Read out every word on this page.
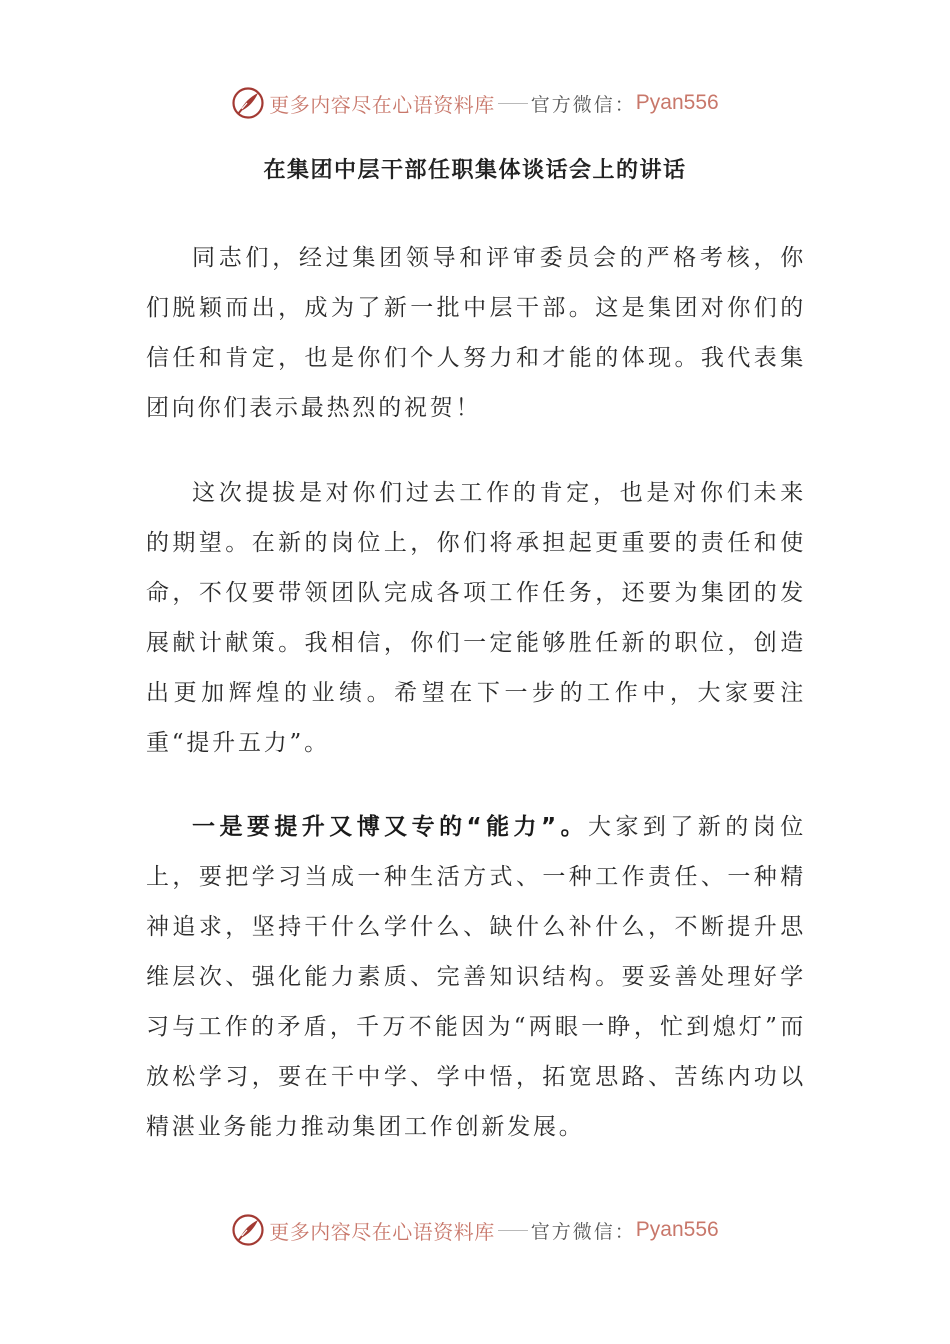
更多内容尽在心语资料库 官方微信： Pyan556
在集团中层干部任职集体谈话会上的讲话

同志们，经过集团领导和评审委员会的严格考核，你们脱颖而出，成为了新一批中层干部。这是集团对你们的信任和肯定，也是你们个人努力和才能的体现。我代表集团向你们表示最热烈的祝贺！

这次提拔是对你们过去工作的肯定，也是对你们未来的期望。在新的岗位上，你们将承担起更重要的责任和使命，不仅要带领团队完成各项工作任务，还要为集团的发展献计献策。我相信，你们一定能够胜任新的职位，创造出更加辉煌的业绩。希望在下一步的工作中，大家要注重“提升五力”。

一是要提升又博又专的“能力”。大家到了新的岗位上，要把学习当成一种生活方式、一种工作责任、一种精神追求，坚持干什么学什么、缺什么补什么，不断提升思维层次、强化能力素质、完善知识结构。要妥善处理好学习与工作的矛盾，千万不能因为“两眼一睁，忙到熄灯”而放松学习，要在干中学、学中悟，拓宽思路、苦练内功以精湛业务能力推动集团工作创新发展。

更多内容尽在心语资料库 官方微信： Pyan556
